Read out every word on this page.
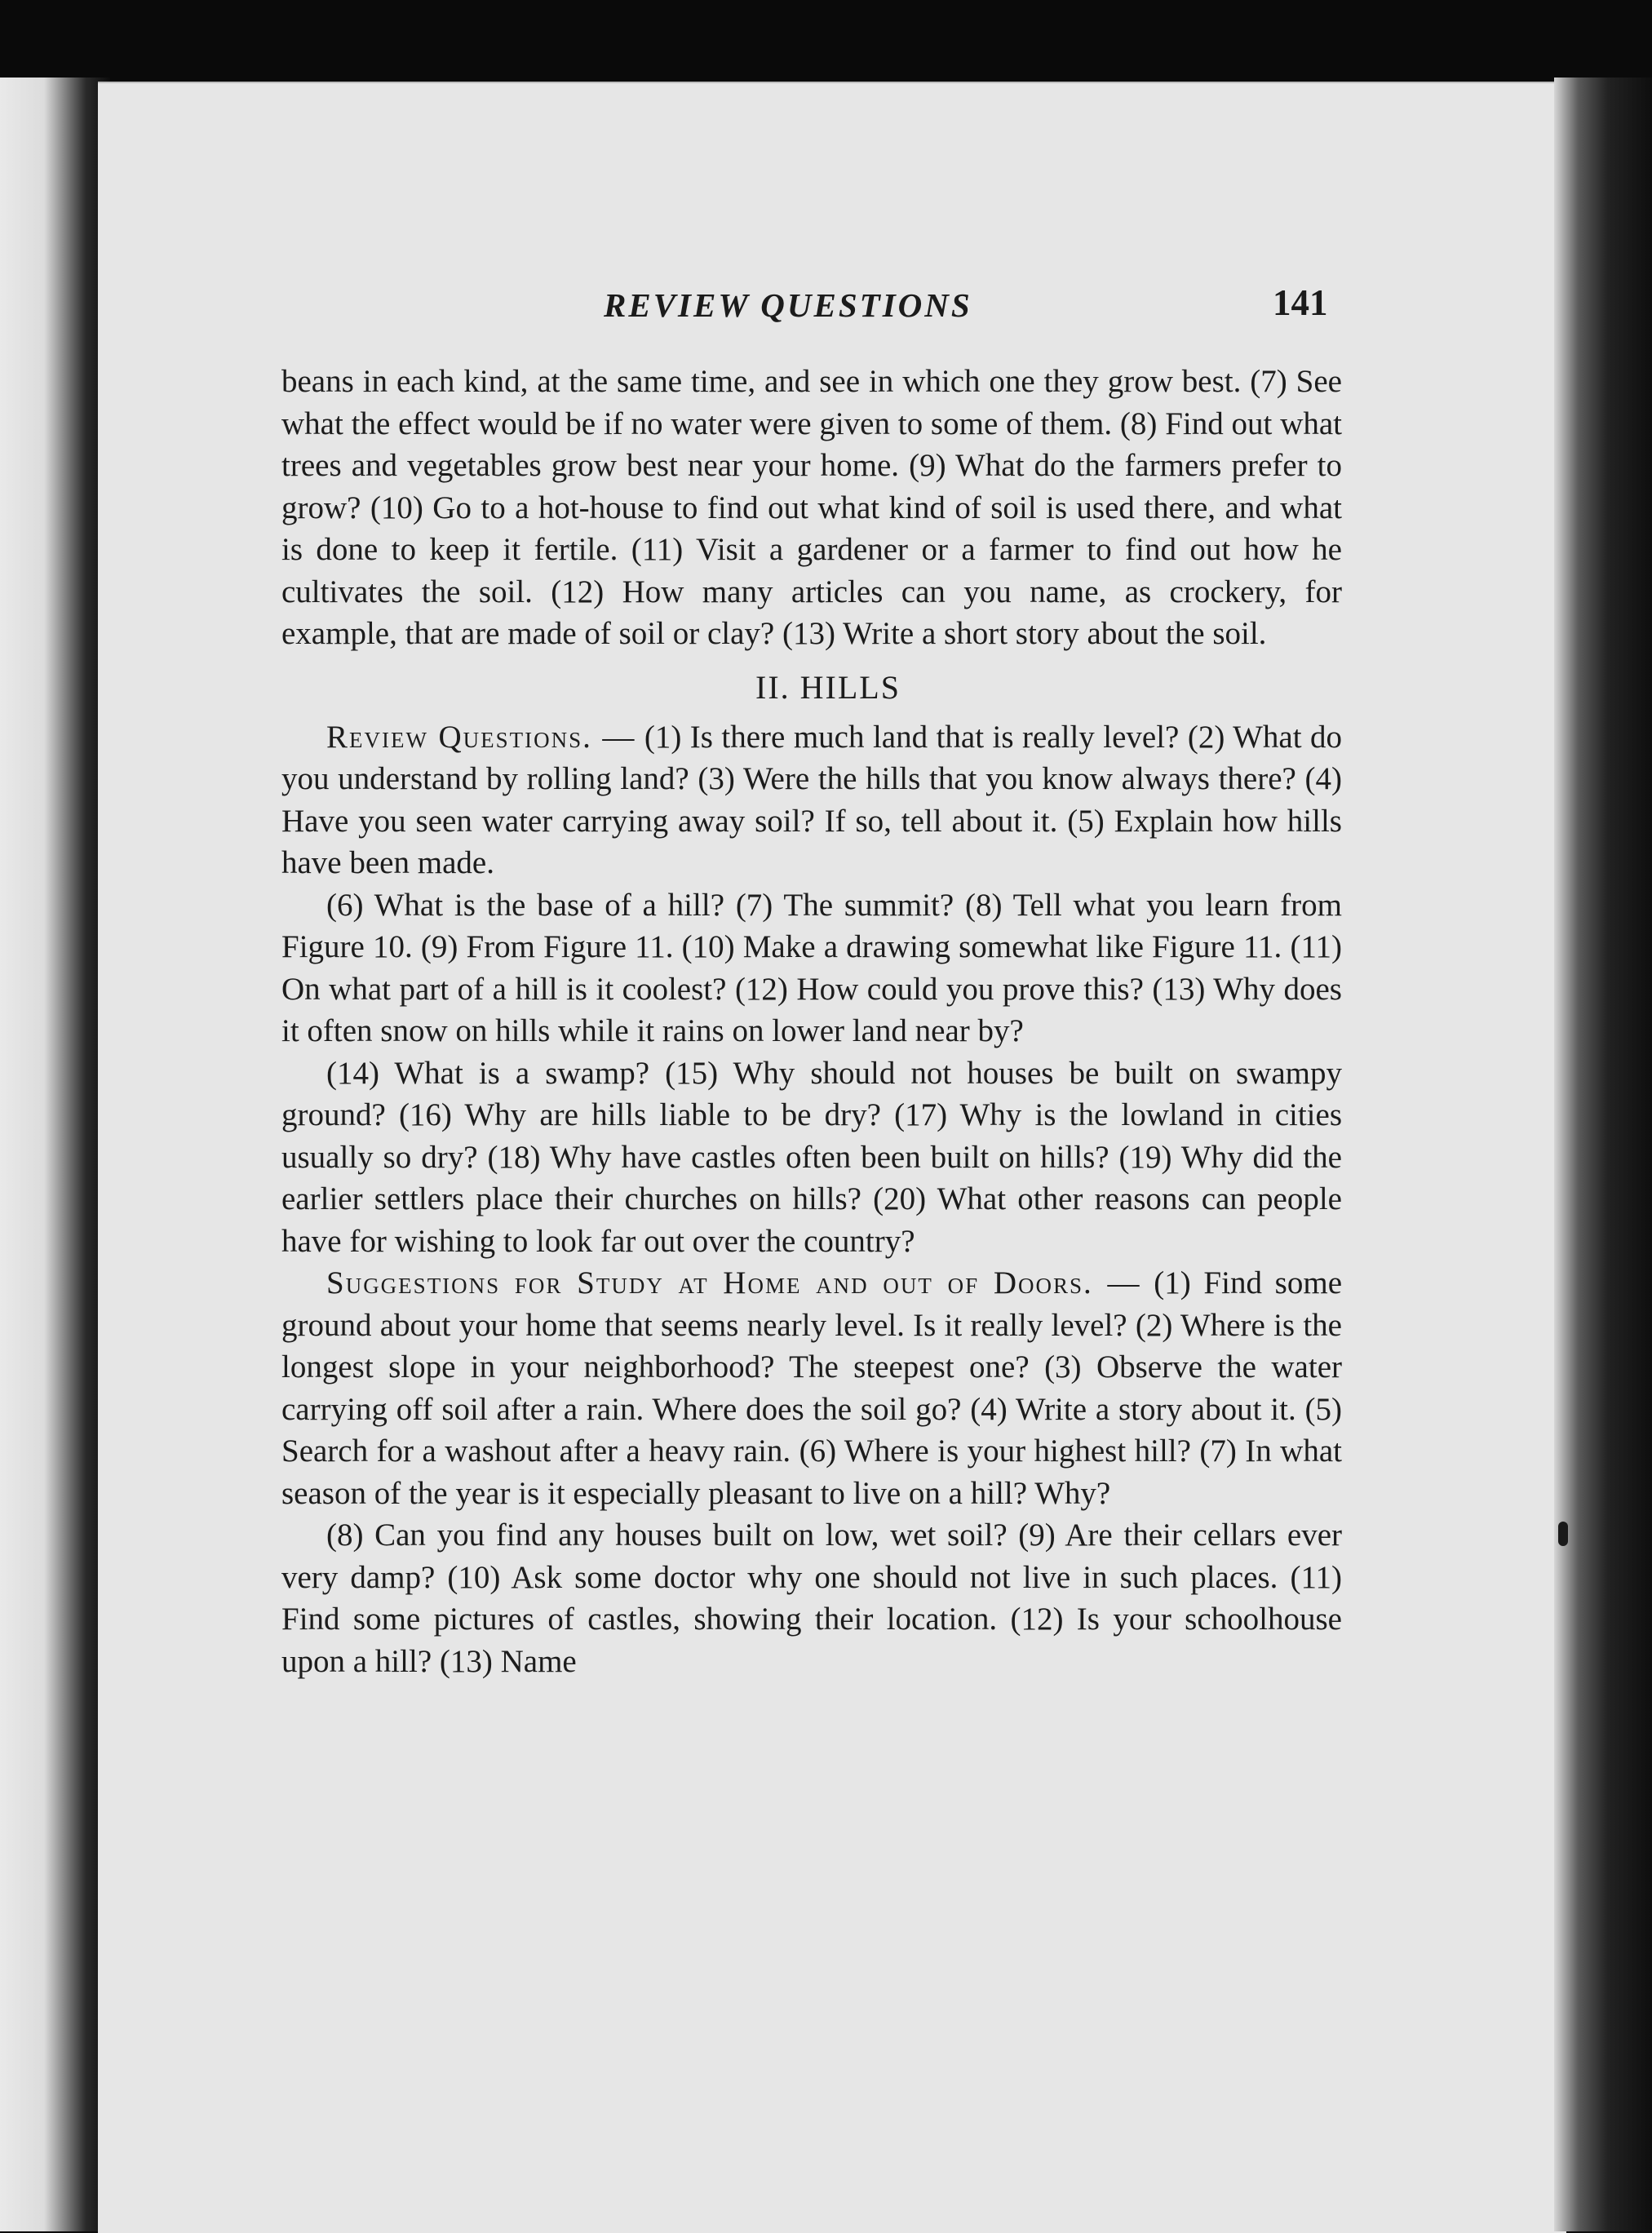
REVIEW QUESTIONS	141

beans in each kind, at the same time, and see in which one they grow best. (7) See what the effect would be if no water were given to some of them. (8) Find out what trees and vegetables grow best near your home. (9) What do the farmers prefer to grow? (10) Go to a hot-house to find out what kind of soil is used there, and what is done to keep it fertile. (11) Visit a gardener or a farmer to find out how he cultivates the soil. (12) How many articles can you name, as crockery, for example, that are made of soil or clay? (13) Write a short story about the soil.

II. HILLS

Review Questions. — (1) Is there much land that is really level? (2) What do you understand by rolling land? (3) Were the hills that you know always there? (4) Have you seen water carrying away soil? If so, tell about it. (5) Explain how hills have been made.

(6) What is the base of a hill? (7) The summit? (8) Tell what you learn from Figure 10. (9) From Figure 11. (10) Make a drawing somewhat like Figure 11. (11) On what part of a hill is it coolest? (12) How could you prove this? (13) Why does it often snow on hills while it rains on lower land near by?

(14) What is a swamp? (15) Why should not houses be built on swampy ground? (16) Why are hills liable to be dry? (17) Why is the lowland in cities usually so dry? (18) Why have castles often been built on hills? (19) Why did the earlier settlers place their churches on hills? (20) What other reasons can people have for wishing to look far out over the country?

Suggestions for Study at Home and out of Doors. — (1) Find some ground about your home that seems nearly level. Is it really level? (2) Where is the longest slope in your neighborhood? The steepest one? (3) Observe the water carrying off soil after a rain. Where does the soil go? (4) Write a story about it. (5) Search for a washout after a heavy rain. (6) Where is your highest hill? (7) In what season of the year is it especially pleasant to live on a hill? Why?

(8) Can you find any houses built on low, wet soil? (9) Are their cellars ever very damp? (10) Ask some doctor why one should not live in such places. (11) Find some pictures of castles, showing their location. (12) Is your schoolhouse upon a hill? (13) Name
